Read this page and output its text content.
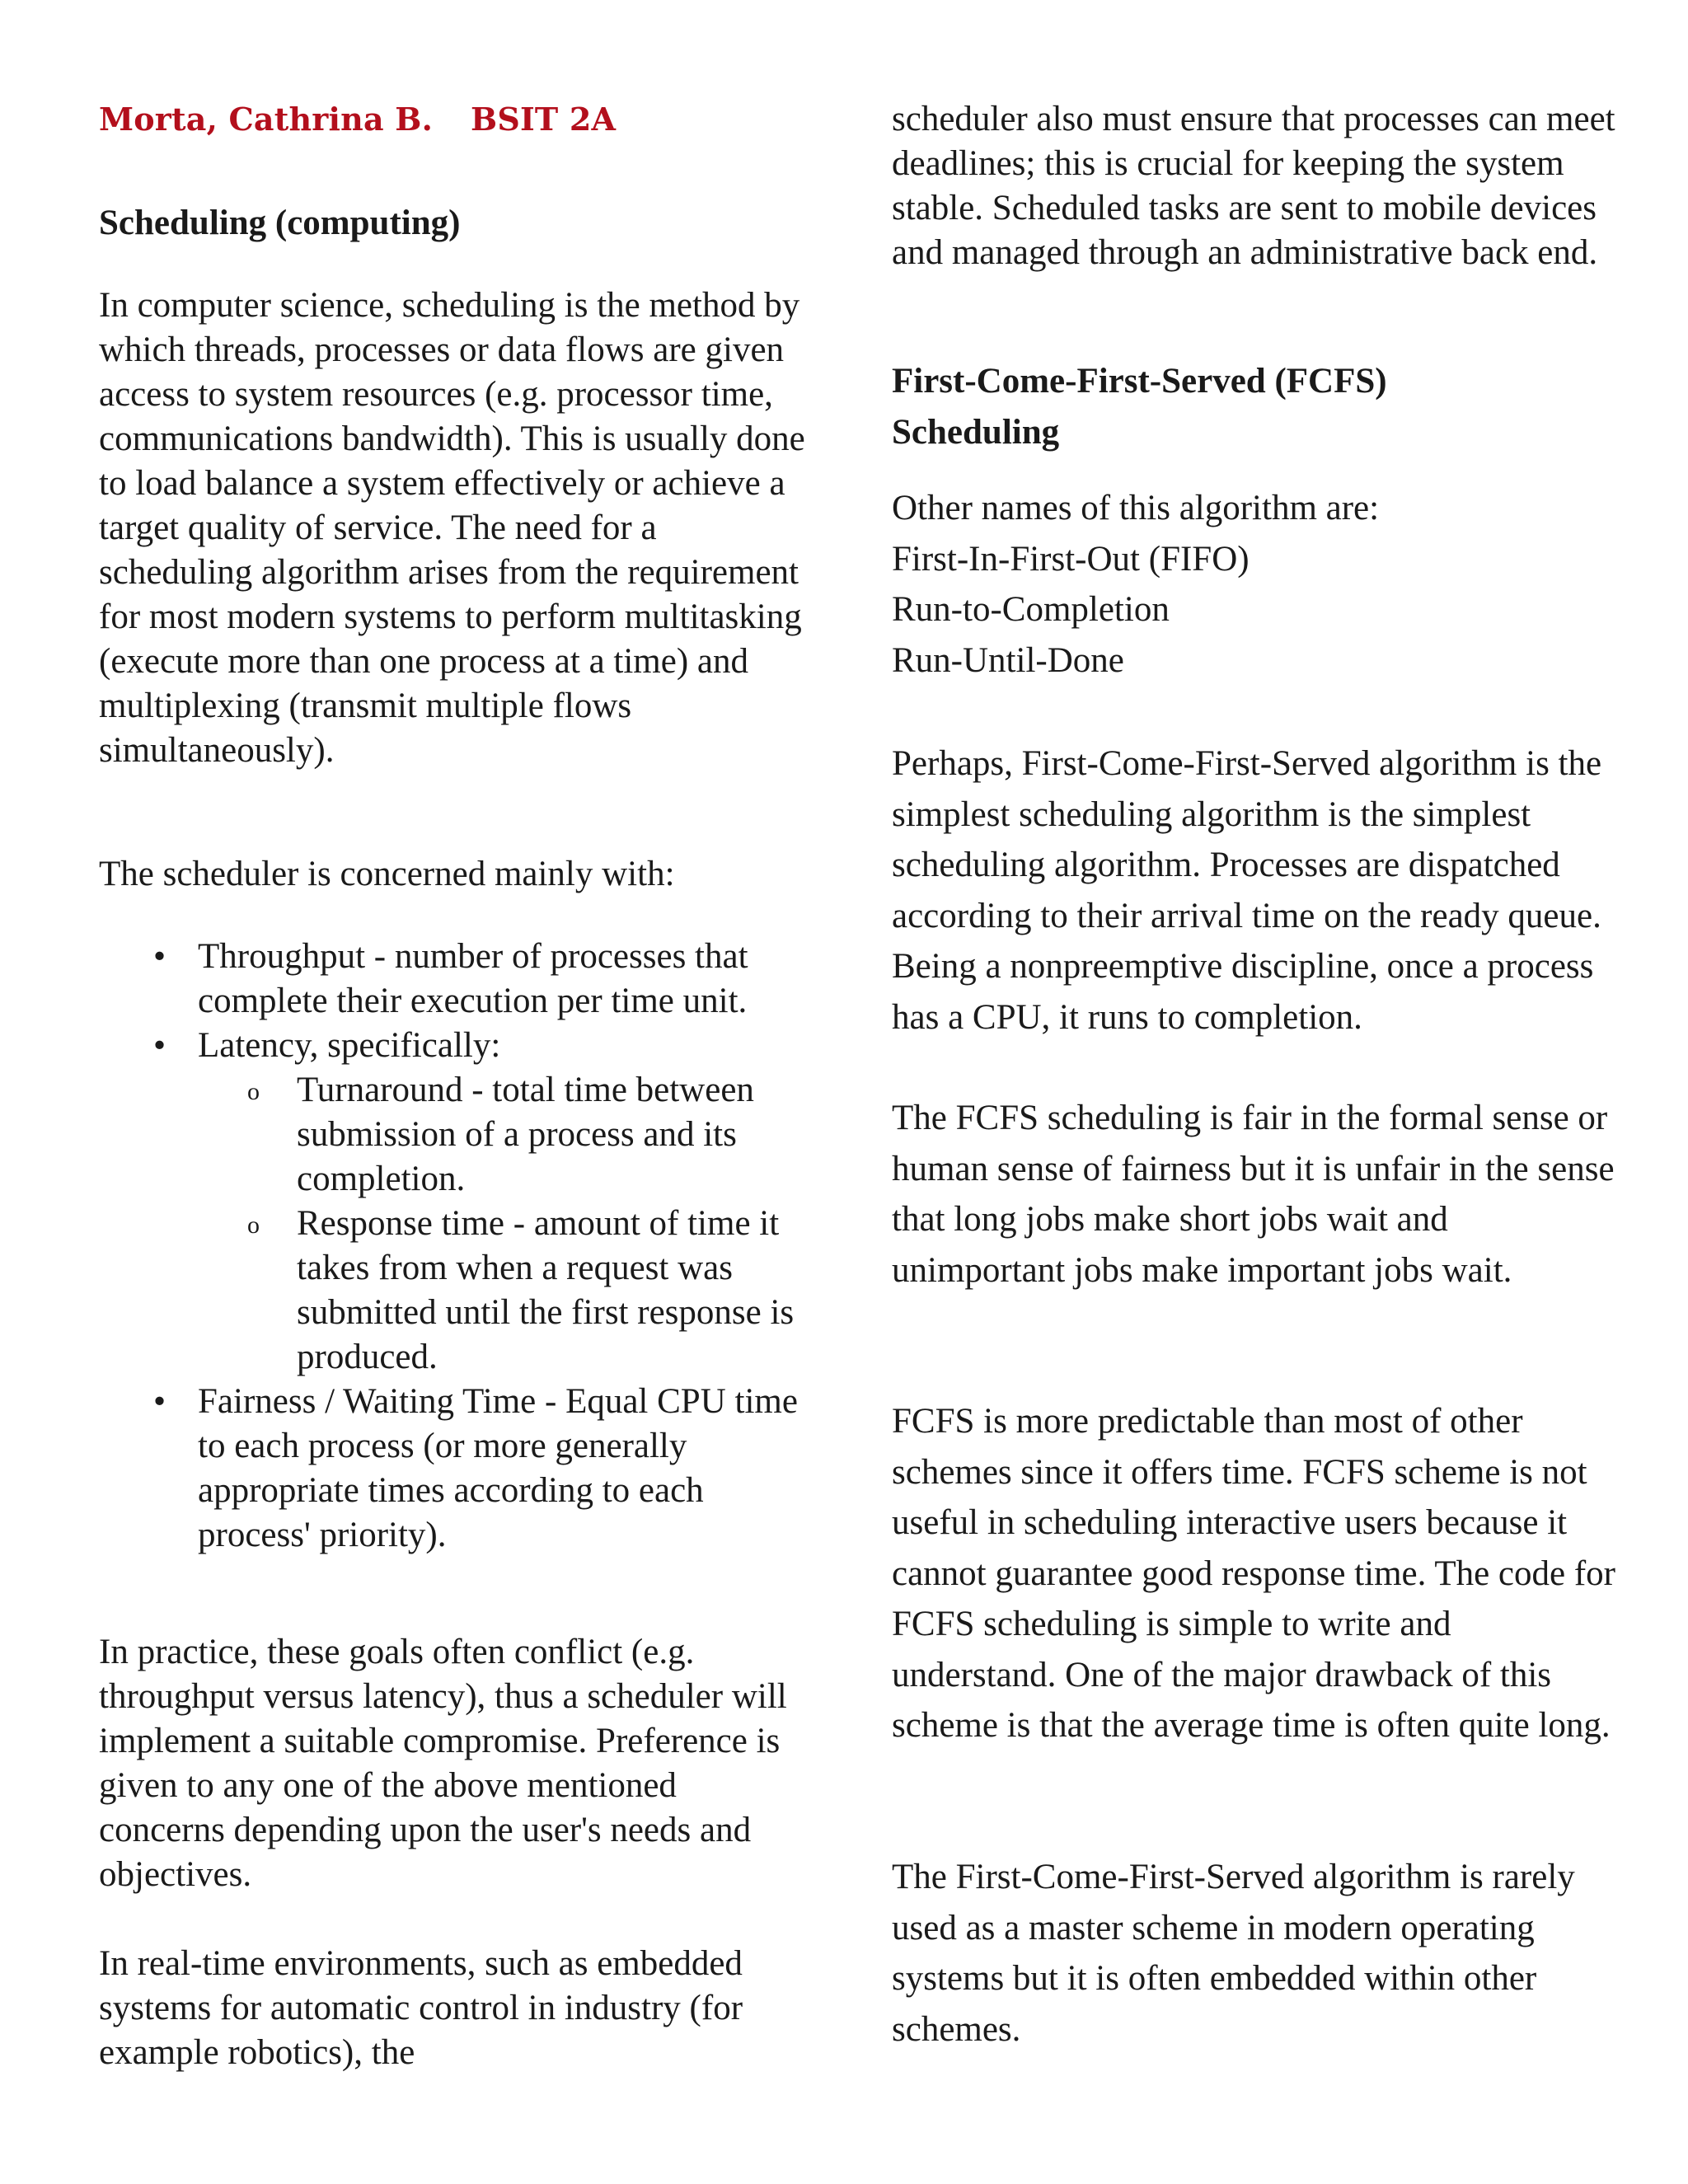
Morta, Cathrina B. BSIT 2A

Scheduling (computing)

In computer science, scheduling is the method by which threads, processes or data flows are given access to system resources (e.g. processor time, communications bandwidth). This is usually done to load balance a system effectively or achieve a target quality of service. The need for a scheduling algorithm arises from the requirement for most modern systems to perform multitasking (execute more than one process at a time) and multiplexing (transmit multiple flows simultaneously).

The scheduler is concerned mainly with:

• Throughput - number of processes that complete their execution per time unit.
• Latency, specifically:
o Turnaround - total time between submission of a process and its completion.
o Response time - amount of time it takes from when a request was submitted until the first response is produced.
• Fairness / Waiting Time - Equal CPU time to each process (or more generally appropriate times according to each process' priority).

In practice, these goals often conflict (e.g. throughput versus latency), thus a scheduler will implement a suitable compromise. Preference is given to any one of the above mentioned concerns depending upon the user's needs and objectives.

In real-time environments, such as embedded systems for automatic control in industry (for example robotics), the

scheduler also must ensure that processes can meet deadlines; this is crucial for keeping the system stable. Scheduled tasks are sent to mobile devices and managed through an administrative back end.

First-Come-First-Served (FCFS)
Scheduling
Other names of this algorithm are:
First-In-First-Out (FIFO)
Run-to-Completion
Run-Until-Done

Perhaps, First-Come-First-Served algorithm is the simplest scheduling algorithm is the simplest scheduling algorithm. Processes are dispatched according to their arrival time on the ready queue. Being a nonpreemptive discipline, once a process has a CPU, it runs to completion.

The FCFS scheduling is fair in the formal sense or human sense of fairness but it is unfair in the sense that long jobs make short jobs wait and unimportant jobs make important jobs wait.

FCFS is more predictable than most of other schemes since it offers time. FCFS scheme is not useful in scheduling interactive users because it cannot guarantee good response time. The code for FCFS scheduling is simple to write and understand. One of the major drawback of this scheme is that the average time is often quite long.

The First-Come-First-Served algorithm is rarely used as a master scheme in modern operating systems but it is often embedded within other schemes.
